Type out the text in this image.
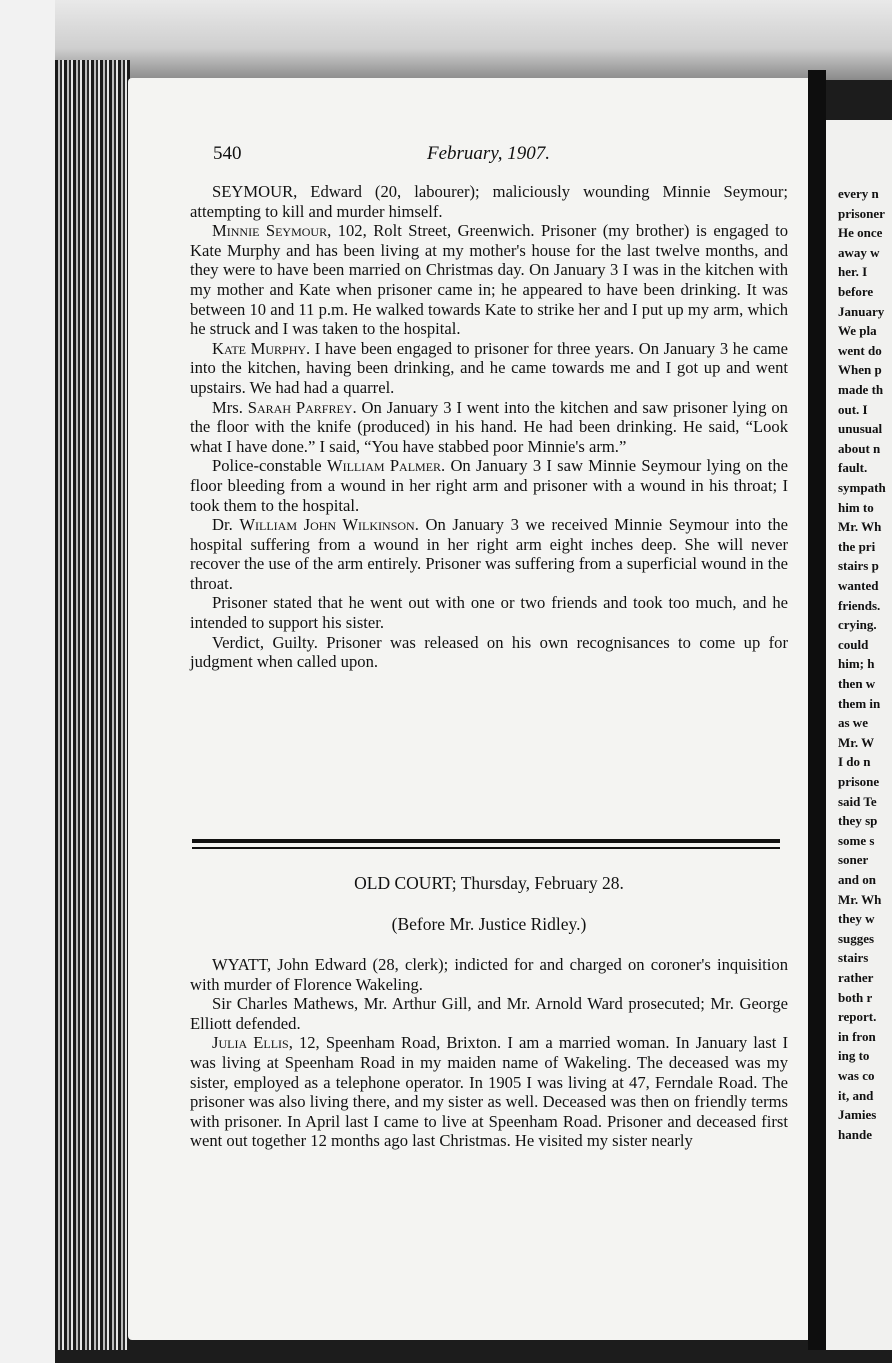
every n
prisoner
He once
away w
her. I
before
January
We pla
went do
When p
made th
out. I
unusual
about n
fault.
sympath
him to
Mr. Wh
the pri
stairs p
wanted
friends.
crying.
could
him; h
then w
them in
as we
Mr. W
I do n
prisone
said Te
they sp
some s
soner
and on
Mr. Wh
they w
sugges
stairs
rather
both r
report.
in fron
ing to
was co
it, and
Jamies
hande
540	February, 1907.

SEYMOUR, Edward (20, labourer); maliciously wounding Minnie Seymour; attempting to kill and murder himself.

Minnie Seymour, 102, Rolt Street, Greenwich. Prisoner (my brother) is engaged to Kate Murphy and has been living at my mother's house for the last twelve months, and they were to have been married on Christmas day. On January 3 I was in the kitchen with my mother and Kate when prisoner came in; he appeared to have been drinking. It was between 10 and 11 p.m. He walked towards Kate to strike her and I put up my arm, which he struck and I was taken to the hospital.

Kate Murphy. I have been engaged to prisoner for three years. On January 3 he came into the kitchen, having been drinking, and he came towards me and I got up and went upstairs. We had had a quarrel.

Mrs. Sarah Parfrey. On January 3 I went into the kitchen and saw prisoner lying on the floor with the knife (produced) in his hand. He had been drinking. He said, “Look what I have done.” I said, “You have stabbed poor Minnie's arm.”

Police-constable William Palmer. On January 3 I saw Minnie Seymour lying on the floor bleeding from a wound in her right arm and prisoner with a wound in his throat; I took them to the hospital.

Dr. William John Wilkinson. On January 3 we received Minnie Seymour into the hospital suffering from a wound in her right arm eight inches deep. She will never recover the use of the arm entirely. Prisoner was suffering from a superficial wound in the throat.

Prisoner stated that he went out with one or two friends and took too much, and he intended to support his sister.

Verdict, Guilty. Prisoner was released on his own recognisances to come up for judgment when called upon.

OLD COURT; Thursday, February 28.
(Before Mr. Justice Ridley.)

WYATT, John Edward (28, clerk); indicted for and charged on coroner's inquisition with murder of Florence Wakeling.

Sir Charles Mathews, Mr. Arthur Gill, and Mr. Arnold Ward prosecuted; Mr. George Elliott defended.

Julia Ellis, 12, Speenham Road, Brixton. I am a married woman. In January last I was living at Speenham Road in my maiden name of Wakeling. The deceased was my sister, employed as a telephone operator. In 1905 I was living at 47, Ferndale Road. The prisoner was also living there, and my sister as well. Deceased was then on friendly terms with prisoner. In April last I came to live at Speenham Road. Prisoner and deceased first went out together 12 months ago last Christmas. He visited my sister nearly
